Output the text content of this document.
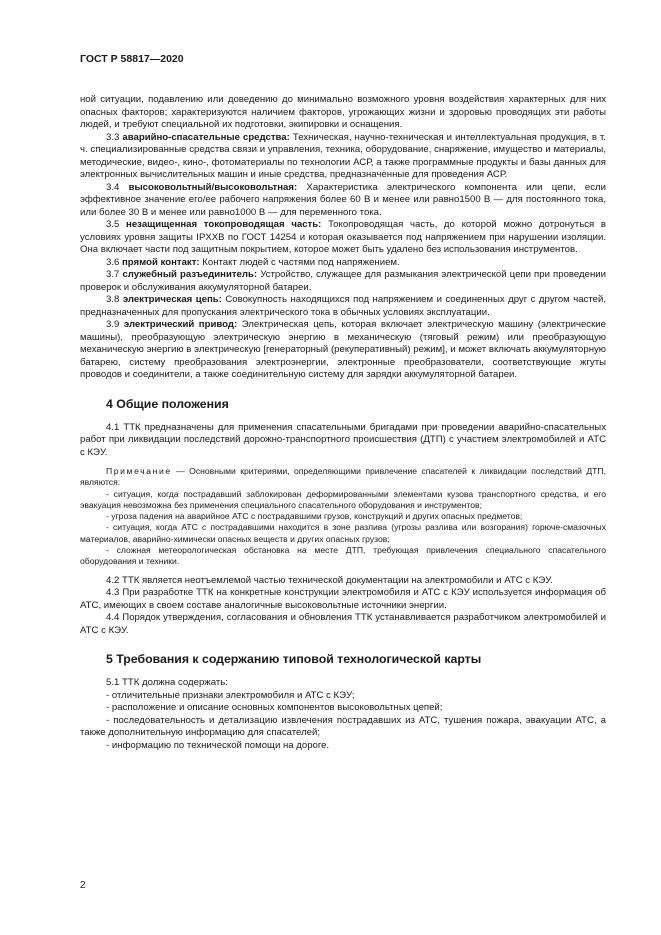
ГОСТ Р 58817—2020

ной ситуации, подавлению или доведению до минимально возможного уровня воздействия характерных для них опасных факторов; характеризуются наличием факторов, угрожающих жизни и здоровью проводящих эти работы людей, и требуют специальной их подготовки, экипировки и оснащения.

3.3 аварийно-спасательные средства: Техническая, научно-техническая и интеллектуальная продукция, в т. ч. специализированные средства связи и управления, техника, оборудование, снаряжение, имущество и материалы, методические, видео-, кино-, фотоматериалы по технологии АСР, а также программные продукты и базы данных для электронных вычислительных машин и иные средства, предназначенные для проведения АСР.

3.4 высоковольтный/высоковольтная: Характеристика электрического компонента или цепи, если эффективное значение его/ее рабочего напряжения более 60 В и менее или равно1500 В — для постоянного тока, или более 30 В и менее или равно1000 В — для переменного тока.

3.5 незащищенная токопроводящая часть: Токопроводящая часть, до которой можно дотронуться в условиях уровня защиты IPXXB по ГОСТ 14254 и которая оказывается под напряжением при нарушении изоляции. Она включает части под защитным покрытием, которое может быть удалено без использования инструментов.

3.6 прямой контакт: Контакт людей с частями под напряжением.

3.7 служебный разъединитель: Устройство, служащее для размыкания электрической цепи при проведении проверок и обслуживания аккумуляторной батареи.

3.8 электрическая цепь: Совокупность находящихся под напряжением и соединенных друг с другом частей, предназначенных для пропускания электрического тока в обычных условиях эксплуатации.

3.9 электрический привод: Электрическая цепь, которая включает электрическую машину (электрические машины), преобразующую электрическую энергию в механическую (тяговый режим) или преобразующую механическую энергию в электрическую [генераторный (рекуперативный) режим], и может включать аккумуляторную батарею, систему преобразования электроэнергии, электронные преобразователи, соответствующие жгуты проводов и соединители, а также соединительную систему для зарядки аккумуляторной батареи.

4 Общие положения

4.1 ТТК предназначены для применения спасательными бригадами при проведении аварийно-спасательных работ при ликвидации последствий дорожно-транспортного происшествия (ДТП) с участием электромобилей и АТС с КЭУ.

Примечание — Основными критериями, определяющими привлечение спасателей к ликвидации последствий ДТП, являются:

- ситуация, когда пострадавший заблокирован деформированными элементами кузова транспортного средства, и его эвакуация невозможна без применения специального спасательного оборудования и инструментов;

- угроза падения на аварийное АТС с пострадавшими грузов, конструкций и других опасных предметов;

- ситуация, когда АТС с пострадавшими находится в зоне разлива (угрозы разлива или возгорания) горюче-смазочных материалов, аварийно-химически опасных веществ и других опасных грузов;

- сложная метеорологическая обстановка на месте ДТП, требующая привлечения специального спасательного оборудования и техники.

4.2 ТТК является неотъемлемой частью технической документации на электромобили и АТС с КЭУ.

4.3 При разработке ТТК на конкретные конструкции электромобиля и АТС с КЭУ используется информация об АТС, имеющих в своем составе аналогичные высоковольтные источники энергии.

4.4 Порядок утверждения, согласования и обновления ТТК устанавливается разработчиком электромобилей и АТС с КЭУ.

5 Требования к содержанию типовой технологической карты

5.1 ТТК должна содержать:

- отличительные признаки электромобиля и АТС с КЭУ;

- расположение и описание основных компонентов высоковольтных цепей;

- последовательность и детализацию извлечения пострадавших из АТС, тушения пожара, эвакуации АТС, а также дополнительную информацию для спасателей;

- информацию по технической помощи на дороге.

2
